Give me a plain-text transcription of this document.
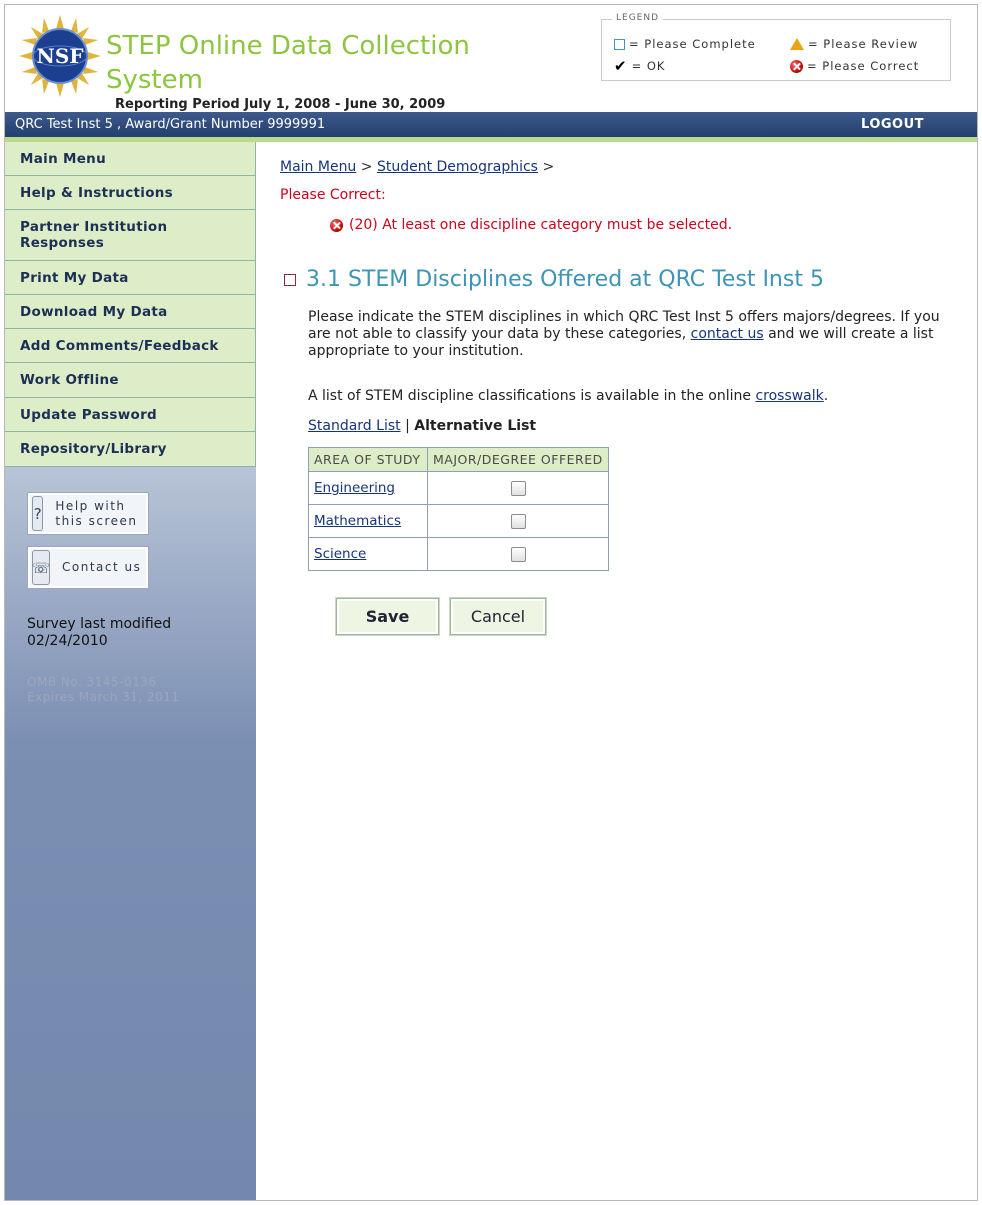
NSF STEP Online Data Collection System
Reporting Period July 1, 2008 - June 30, 2009
LEGEND
= Please Complete	= Please Review
✔ = OK	= Please Correct
QRC Test Inst 5 , Award/Grant Number 9999991	LOGOUT
Main Menu
Help & Instructions
Partner Institution Responses
Print My Data
Download My Data
Add Comments/Feedback
Work Offline
Update Password
Repository/Library
? Help with this screen
☏ Contact us
Survey last modified
02/24/2010
OMB No. 3145-0136
Expires March 31, 2011
Main Menu > Student Demographics >
Please Correct:
(20) At least one discipline category must be selected.
3.1 STEM Disciplines Offered at QRC Test Inst 5
Please indicate the STEM disciplines in which QRC Test Inst 5 offers majors/degrees. If you are not able to classify your data by these categories, contact us and we will create a list appropriate to your institution.
A list of STEM discipline classifications is available in the online crosswalk.
Standard List | Alternative List
AREA OF STUDY	MAJOR/DEGREE OFFERED
Engineering	

Mathematics	

Science	
Save	Cancel
